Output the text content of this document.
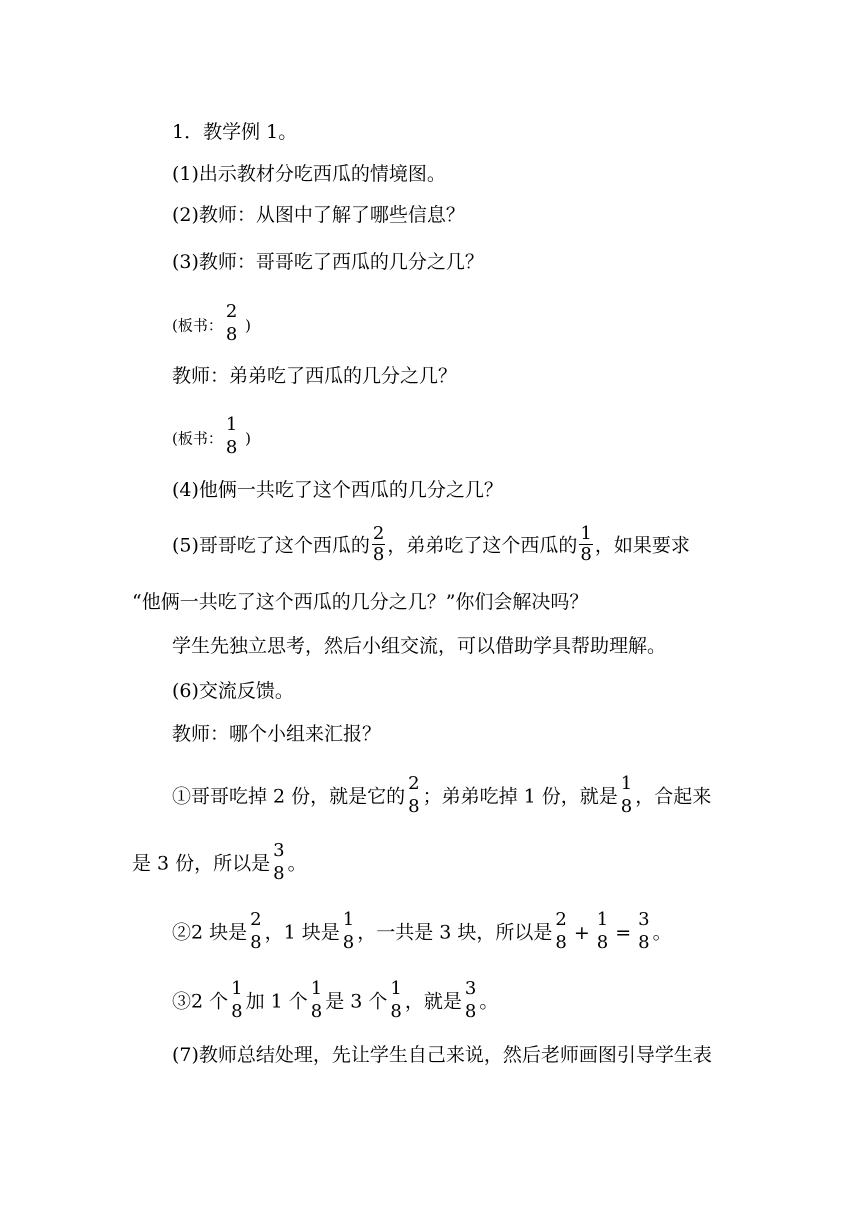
1．教学例 1。
(1)出示教材分吃西瓜的情境图。
(2)教师：从图中了解了哪些信息？
(3)教师：哥哥吃了西瓜的几分之几？
(板书：
2
8 )
教师：弟弟吃了西瓜的几分之几？
(板书：
1
8 )
(4)他俩一共吃了这个西瓜的几分之几？
(5)哥哥吃了这个西瓜的 $\frac{2}{8}$ ，弟弟吃了这个西瓜的 $\frac{1}{8}$ ，如果要求
“他俩一共吃了这个西瓜的几分之几？”你们会解决吗？
学生先独立思考，然后小组交流，可以借助学具帮助理解。
(6)交流反馈。
教师：哪个小组来汇报？
①哥哥吃掉 2 份，就是它的
2
8 ；弟弟吃掉 1 份，就是
1
8 ，合起来
是 3 份，所以是
3
8 。
②2 块是
2
8 ，1 块是
1
8 ，一共是 3 块，所以是
2
8 +
1
8 =
3
8 。
③2 个
1
8 加 1 个
1
8 是 3 个
1
8 ，就是
3
8 。
(7)教师总结处理，先让学生自己来说，然后老师画图引导学生表
